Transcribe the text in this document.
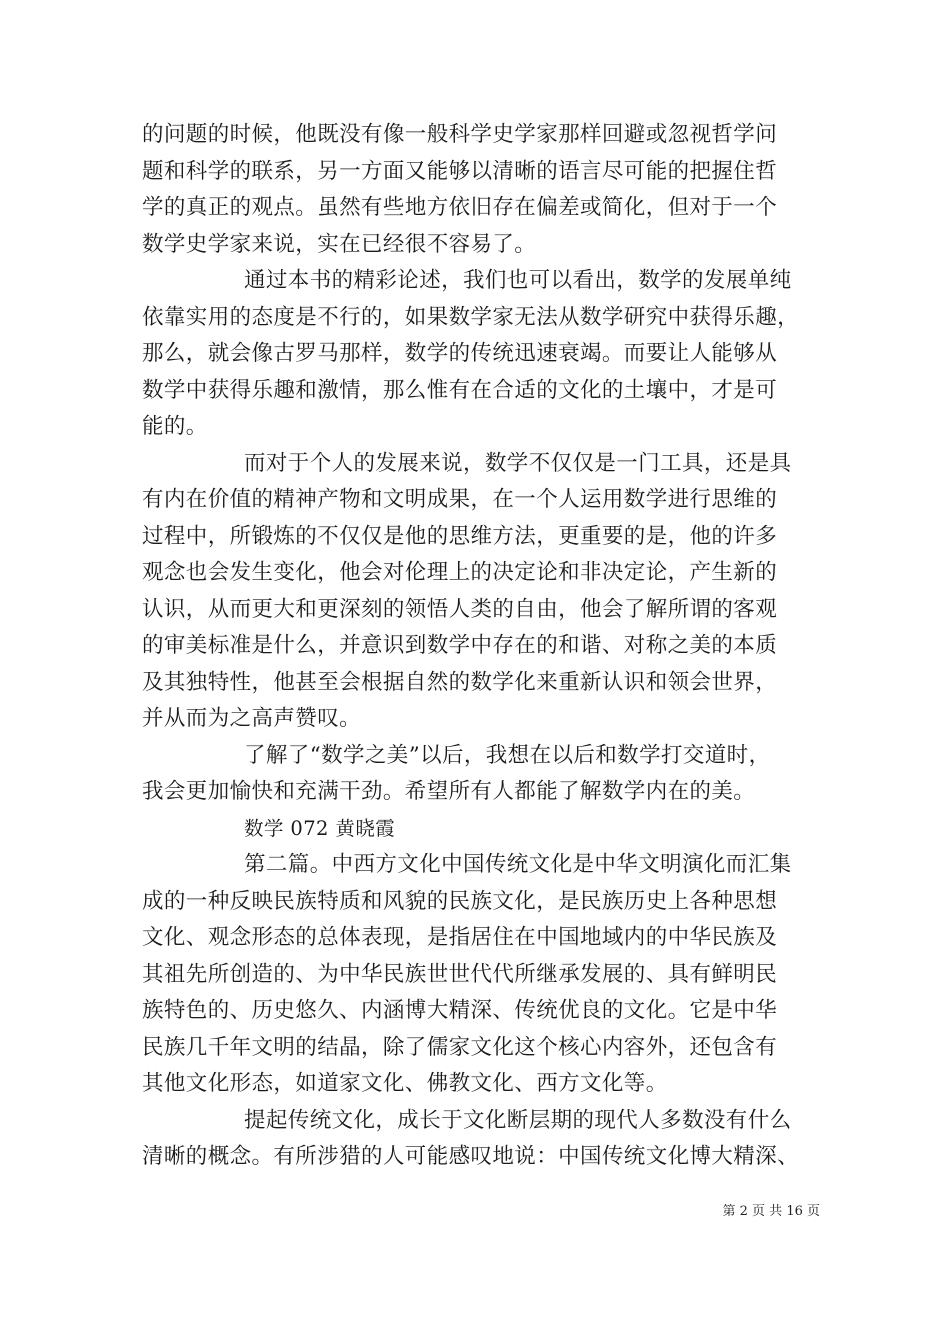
的问题的时候，他既没有像一般科学史学家那样回避或忽视哲学问
题和科学的联系，另一方面又能够以清晰的语言尽可能的把握住哲
学的真正的观点。虽然有些地方依旧存在偏差或简化，但对于一个
数学史学家来说，实在已经很不容易了。
通过本书的精彩论述，我们也可以看出，数学的发展单纯
依靠实用的态度是不行的，如果数学家无法从数学研究中获得乐趣，
那么，就会像古罗马那样，数学的传统迅速衰竭。而要让人能够从
数学中获得乐趣和激情，那么惟有在合适的文化的土壤中，才是可
能的。
而对于个人的发展来说，数学不仅仅是一门工具，还是具
有内在价值的精神产物和文明成果，在一个人运用数学进行思维的
过程中，所锻炼的不仅仅是他的思维方法，更重要的是，他的许多
观念也会发生变化，他会对伦理上的决定论和非决定论，产生新的
认识，从而更大和更深刻的领悟人类的自由，他会了解所谓的客观
的审美标准是什么，并意识到数学中存在的和谐、对称之美的本质
及其独特性，他甚至会根据自然的数学化来重新认识和领会世界，
并从而为之高声赞叹。
了解了“数学之美”以后，我想在以后和数学打交道时，
我会更加愉快和充满干劲。希望所有人都能了解数学内在的美。
数学 072 黄晓霞
第二篇。中西方文化中国传统文化是中华文明演化而汇集
成的一种反映民族特质和风貌的民族文化，是民族历史上各种思想
文化、观念形态的总体表现，是指居住在中国地域内的中华民族及
其祖先所创造的、为中华民族世世代代所继承发展的、具有鲜明民
族特色的、历史悠久、内涵博大精深、传统优良的文化。它是中华
民族几千年文明的结晶，除了儒家文化这个核心内容外，还包含有
其他文化形态，如道家文化、佛教文化、西方文化等。
提起传统文化，成长于文化断层期的现代人多数没有什么
清晰的概念。有所涉猎的人可能感叹地说：中国传统文化博大精深、
第 2 页 共 16 页
